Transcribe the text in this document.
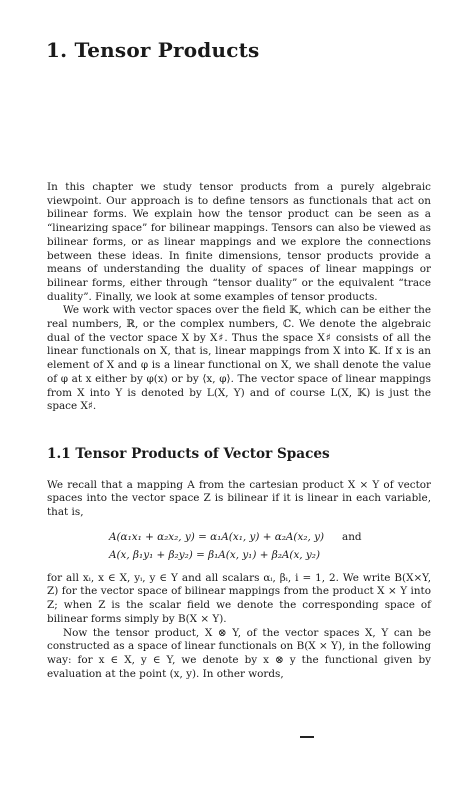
1. Tensor Products

In this chapter we study tensor products from a purely algebraic viewpoint. Our approach is to define tensors as functionals that act on bilinear forms. We explain how the tensor product can be seen as a “linearizing space” for bilinear mappings. Tensors can also be viewed as bilinear forms, or as linear mappings and we explore the connections between these ideas. In finite dimensions, tensor products provide a means of understanding the duality of spaces of linear mappings or bilinear forms, either through “tensor duality” or the equivalent “trace duality”. Finally, we look at some examples of tensor products.

We work with vector spaces over the field 𝕂, which can be either the real numbers, ℝ, or the complex numbers, ℂ. We denote the algebraic dual of the vector space X by X♯. Thus the space X♯ consists of all the linear functionals on X, that is, linear mappings from X into 𝕂. If x is an element of X and φ is a linear functional on X, we shall denote the value of φ at x either by φ(x) or by ⟨x, φ⟩. The vector space of linear mappings from X into Y is denoted by L(X, Y) and of course L(X, 𝕂) is just the space X♯.

1.1 Tensor Products of Vector Spaces

We recall that a mapping A from the cartesian product X × Y of vector spaces into the vector space Z is bilinear if it is linear in each variable, that is,

A(α₁x₁ + α₂x₂, y) = α₁A(x₁, y) + α₂A(x₂, y) and
A(x, β₁y₁ + β₂y₂) = β₁A(x, y₁) + β₂A(x, y₂)

for all xᵢ, x ∈ X, yᵢ, y ∈ Y and all scalars αᵢ, βᵢ, i = 1, 2. We write B(X×Y, Z) for the vector space of bilinear mappings from the product X × Y into Z; when Z is the scalar field we denote the corresponding space of bilinear forms simply by B(X × Y).

Now the tensor product, X ⊗ Y, of the vector spaces X, Y can be constructed as a space of linear functionals on B(X × Y), in the following way: for x ∈ X, y ∈ Y, we denote by x ⊗ y the functional given by evaluation at the point (x, y). In other words,
